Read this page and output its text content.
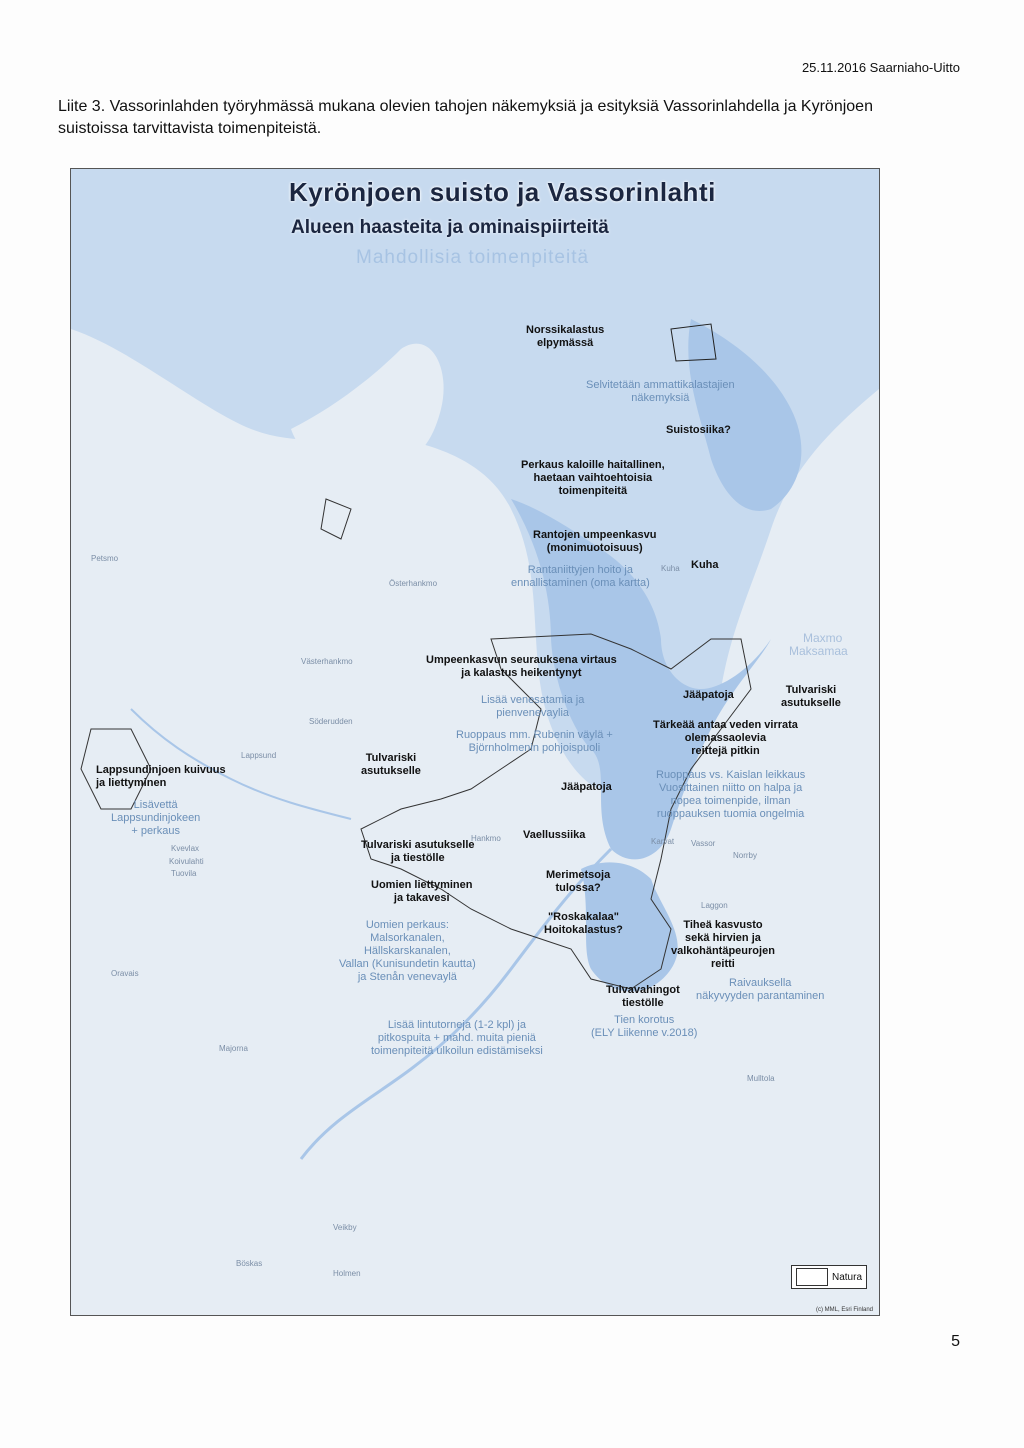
25.11.2016 Saarniaho-Uitto
Liite 3. Vassorinlahden työryhmässä mukana olevien tahojen näkemyksiä ja esityksiä Vassorinlahdella ja Kyrönjoen suistoissa tarvittavista toimenpiteistä.
Kyrönjoen suisto ja Vassorinlahti
Alueen haasteita ja ominaispiirteitä
Mahdollisia toimenpiteitä
Norssikalastus
elpymässä
Selvitetään ammattikalastajien
näkemyksiä
Suistosiika?
Perkaus kaloille haitallinen,
haetaan vaihtoehtoisia
toimenpiteitä
Rantojen umpeenkasvu
(monimuotoisuus)
Rantaniittyjen hoito ja
ennallistaminen (oma kartta)
Kuha
Umpeenkasvun seurauksena virtaus
ja kalastus heikentynyt
Lisää venesatamia ja
pienvenevaylia
Ruoppaus mm. Rubenin väylä +
Björnholmenin pohjoispuoli
Jääpatoja	Tulvariski
asutukselle
Tärkeää antaa veden virrata
olemassaolevia
reittejä pitkin
Ruoppaus vs. Kaislan leikkaus
Vuosittainen niitto on halpa ja
nopea toimenpide, ilman
ruoppauksen tuomia ongelmia
Lappsundinjoen kuivuus
ja liettyminen
Lisävettä
Lappsundinjokeen
+ perkaus
Tulvariski
asutukselle
Jääpatoja
Vaellussiika
Tulvariski asutukselle
ja tiestölle
Uomien liettyminen
ja takavesi
Merimetsoja
tulossa?
"Roskakalaa"
Hoitokalastus?
Uomien perkaus:
Malsorkanalen,
Hällskarskanalen,
Vallan (Kunisundetin kautta)
ja Stenån venevaylä
Tiheä kasvusto
sekä hirvien ja
valkohäntäpeurojen
reitti
Tulvavahingot
tiestölle
Raivauksella
näkyvyyden parantaminen
Lisää lintutorneja (1-2 kpl) ja
pitkospuita + mahd. muita pieniä
toimenpiteitä ulkoilun edistämiseksi
Tien korotus
(ELY Liikenne v.2018)
Maxmo
Maksamaa
Vassor
Västerhankmo
Kvevlax
Koivulahti
Söderudden
Lappsund
Kuha
Österhankmo
Hankmo
Mulltola
Majorna
Veikby
Holmen
Böskas
Petsmo
Tuovila
Norrby
Laggon
Karvat
Oravais
Natura
(c) MML, Esri Finland
5
